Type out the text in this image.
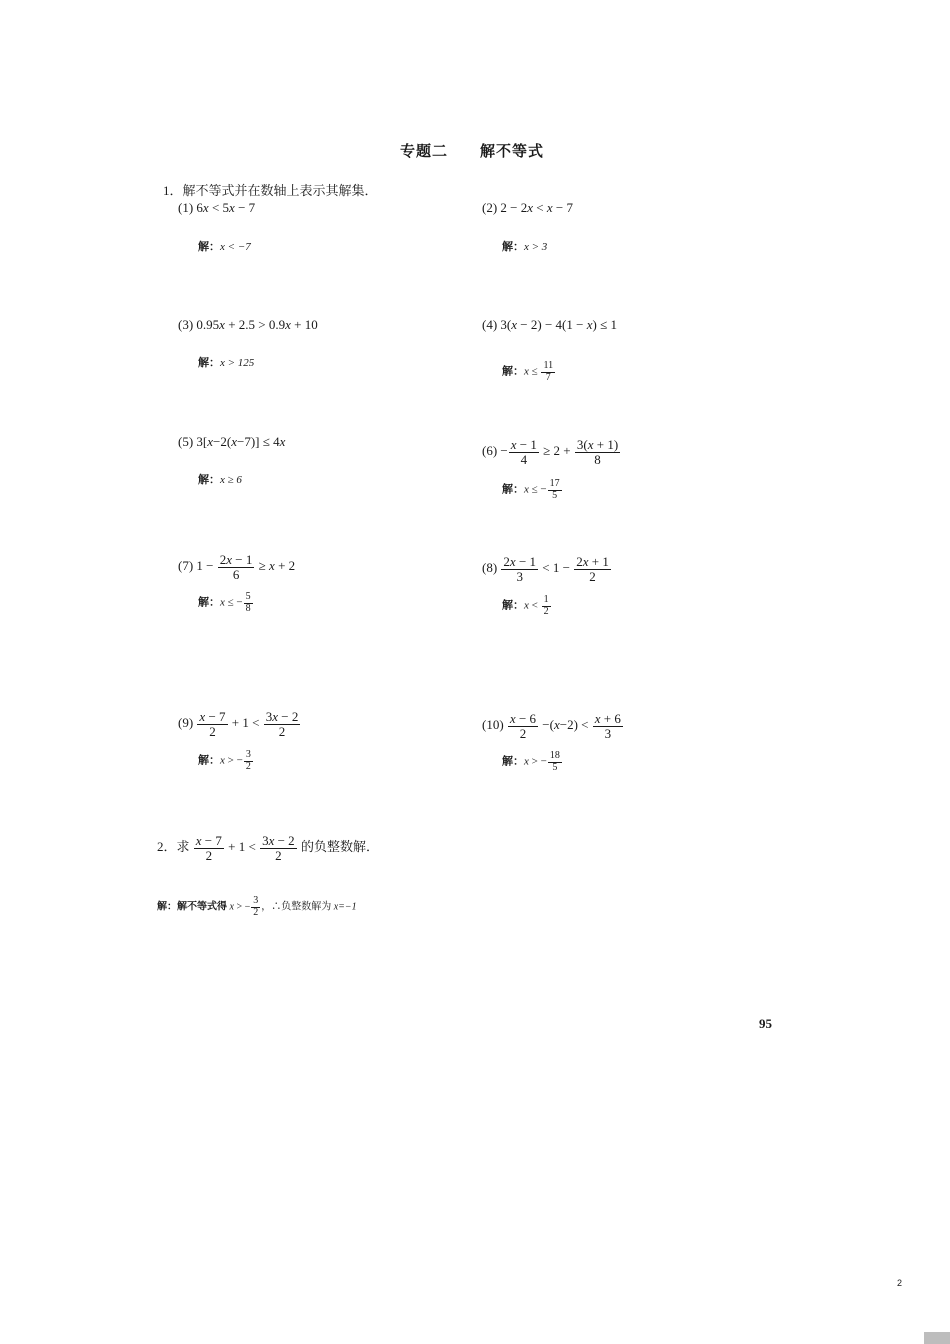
专题二　　解不等式
1．解不等式并在数轴上表示其解集．
(1) 6x < 5x − 7
解：x < −7
(2) 2 − 2x < x − 7
解：x > 3
(3) 0.95x + 2.5 > 0.9x + 10
解：x > 125
(4) 3(x − 2) − 4(1 − x) ≤ 1
解：$x \le \frac{11}{7}$
(5) 3[x−2(x−7)] ≤ 4x
解：x ≥ 6
$(6) - \frac{x - 1}{4} \ge 2 + \frac{3(x + 1)}{8}$
解：x ≤ − $\frac{17}{5}$
(7) $1 - \frac{2x - 1}{6} \ge x + 2$
解：x ≤ − $\frac{5}{8}$
$(8) \frac{2x - 1}{3} < 1 - \frac{2x + 1}{2}$
解：$x < \frac{1}{2}$
$(9) \frac{x - 7}{2} + 1 < \frac{3x - 2}{2}$
解：x > − $\frac{3}{2}$
$(10) \frac{x - 6}{2} -(x-2) < \frac{x + 6}{3}$
解：x > − $\frac{18}{5}$
2．求 $\frac{x - 7}{2} + 1 < \frac{3x - 2}{2}$ 的负整数解．
解：解不等式得 x > − $\frac{3}{2}$ ，∴负整数解为 x=−1
95
2
